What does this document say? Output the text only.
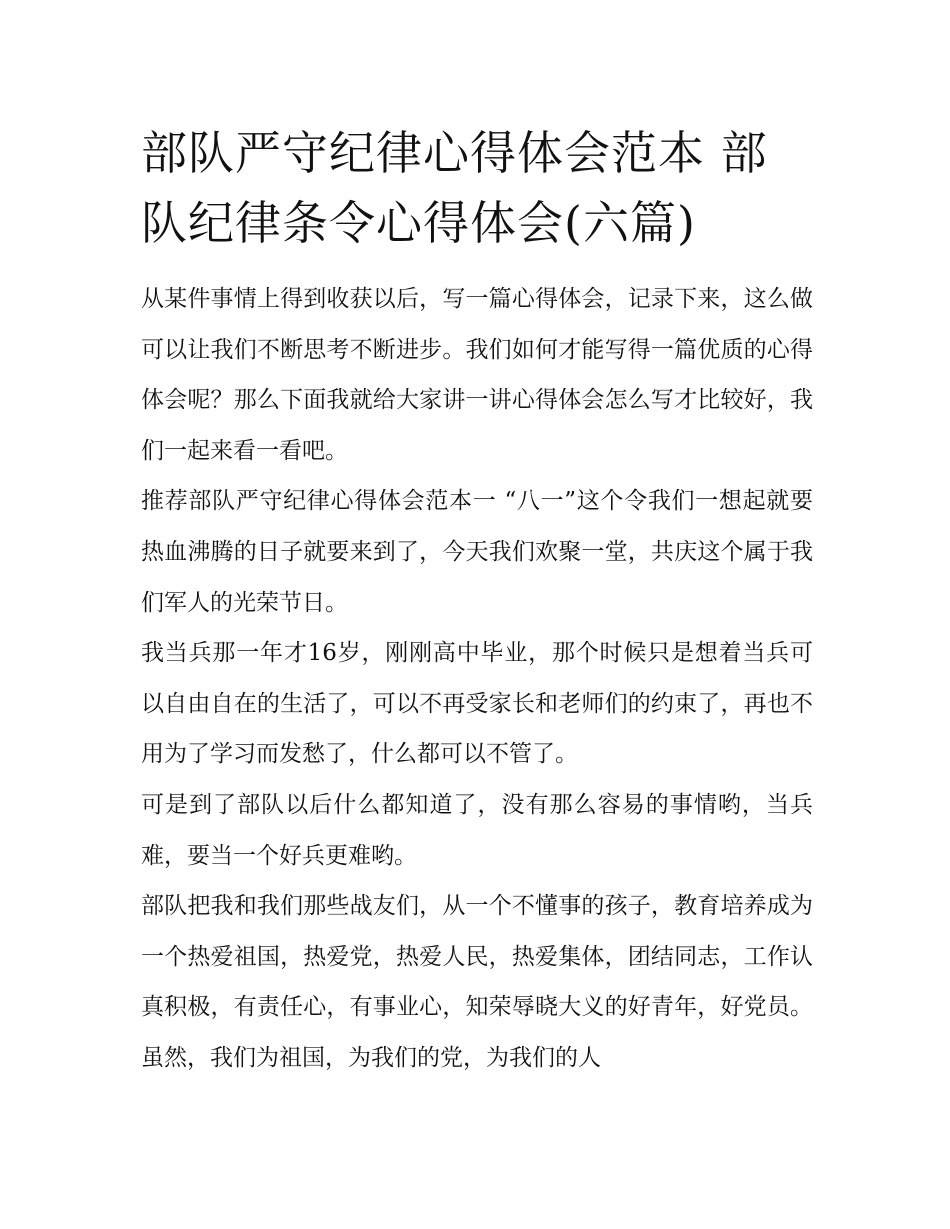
部队严守纪律心得体会范本 部队纪律条令心得体会(六篇)

从某件事情上得到收获以后，写一篇心得体会，记录下来，这么做可以让我们不断思考不断进步。我们如何才能写得一篇优质的心得体会呢？那么下面我就给大家讲一讲心得体会怎么写才比较好，我们一起来看一看吧。

推荐部队严守纪律心得体会范本一 “八一”这个令我们一想起就要热血沸腾的日子就要来到了，今天我们欢聚一堂，共庆这个属于我们军人的光荣节日。

我当兵那一年才16岁，刚刚高中毕业，那个时候只是想着当兵可以自由自在的生活了，可以不再受家长和老师们的约束了，再也不用为了学习而发愁了，什么都可以不管了。

可是到了部队以后什么都知道了，没有那么容易的事情哟，当兵难，要当一个好兵更难哟。

部队把我和我们那些战友们，从一个不懂事的孩子，教育培养成为一个热爱祖国，热爱党，热爱人民，热爱集体，团结同志，工作认真积极，有责任心，有事业心，知荣辱晓大义的好青年，好党员。虽然，我们为祖国，为我们的党，为我们的人
